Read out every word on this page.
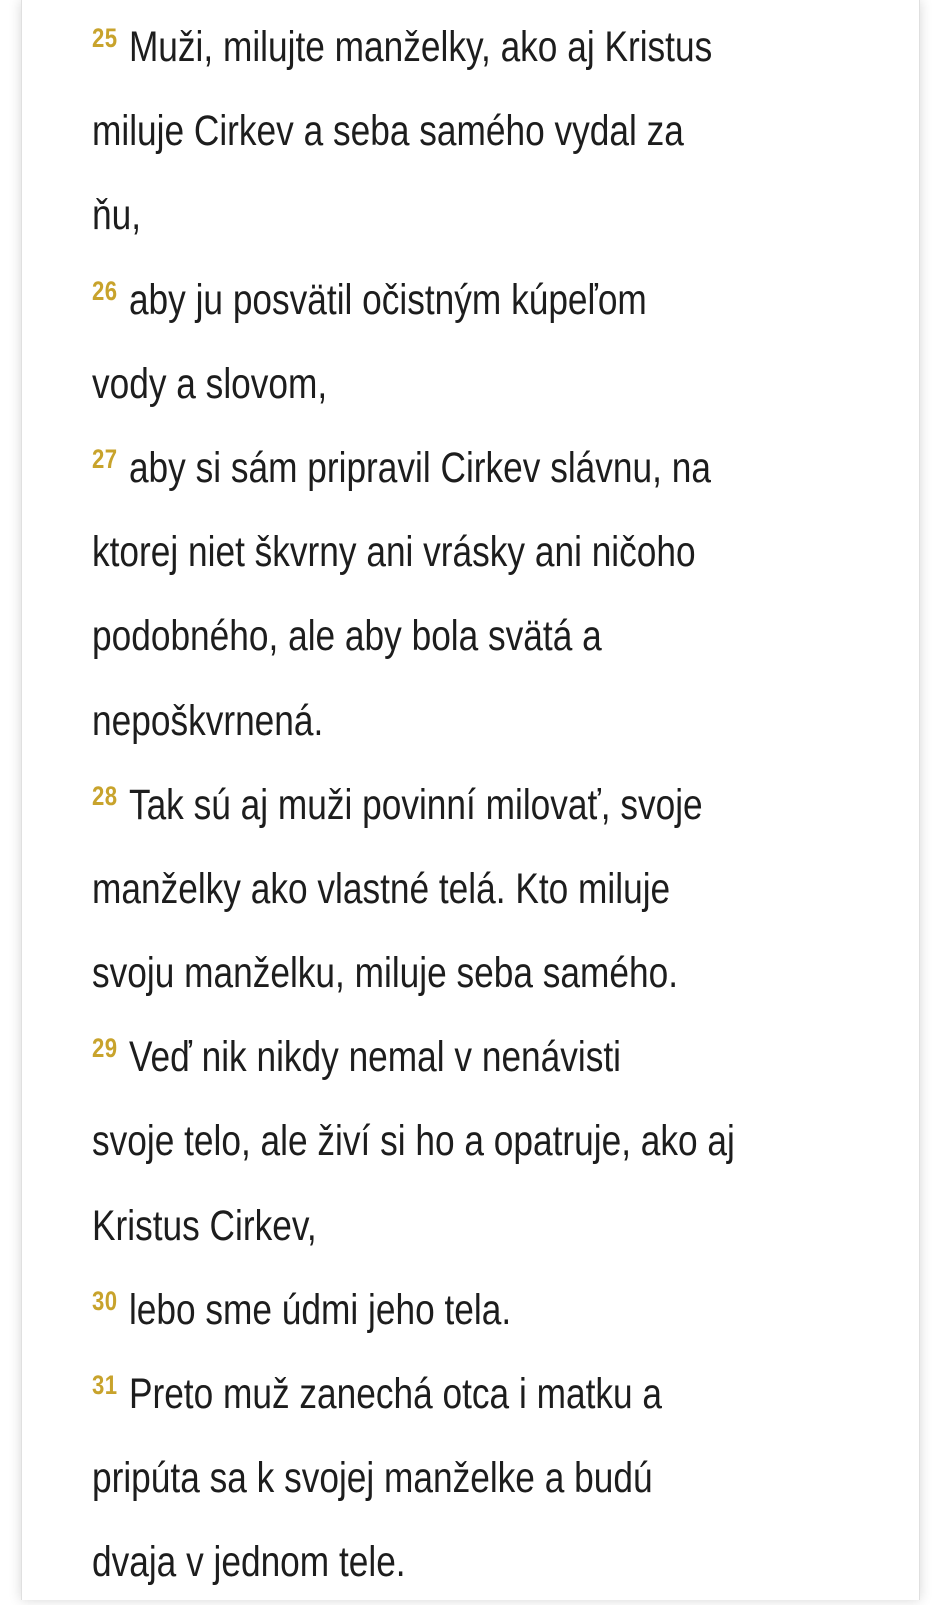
25 Muži, milujte manželky, ako aj Kristus
miluje Cirkev a seba samého vydal za
ňu,
26 aby ju posvätil očistným kúpeľom
vody a slovom,
27 aby si sám pripravil Cirkev slávnu, na
ktorej niet škvrny ani vrásky ani ničoho
podobného, ale aby bola svätá a
nepoškvrnená.
28 Tak sú aj muži povinní milovať, svoje
manželky ako vlastné telá. Kto miluje
svoju manželku, miluje seba samého.
29 Veď nik nikdy nemal v nenávisti
svoje telo, ale živí si ho a opatruje, ako aj
Kristus Cirkev,
30 lebo sme údmi jeho tela.
31 Preto muž zanechá otca i matku a
pripúta sa k svojej manželke a budú
dvaja v jednom tele.
